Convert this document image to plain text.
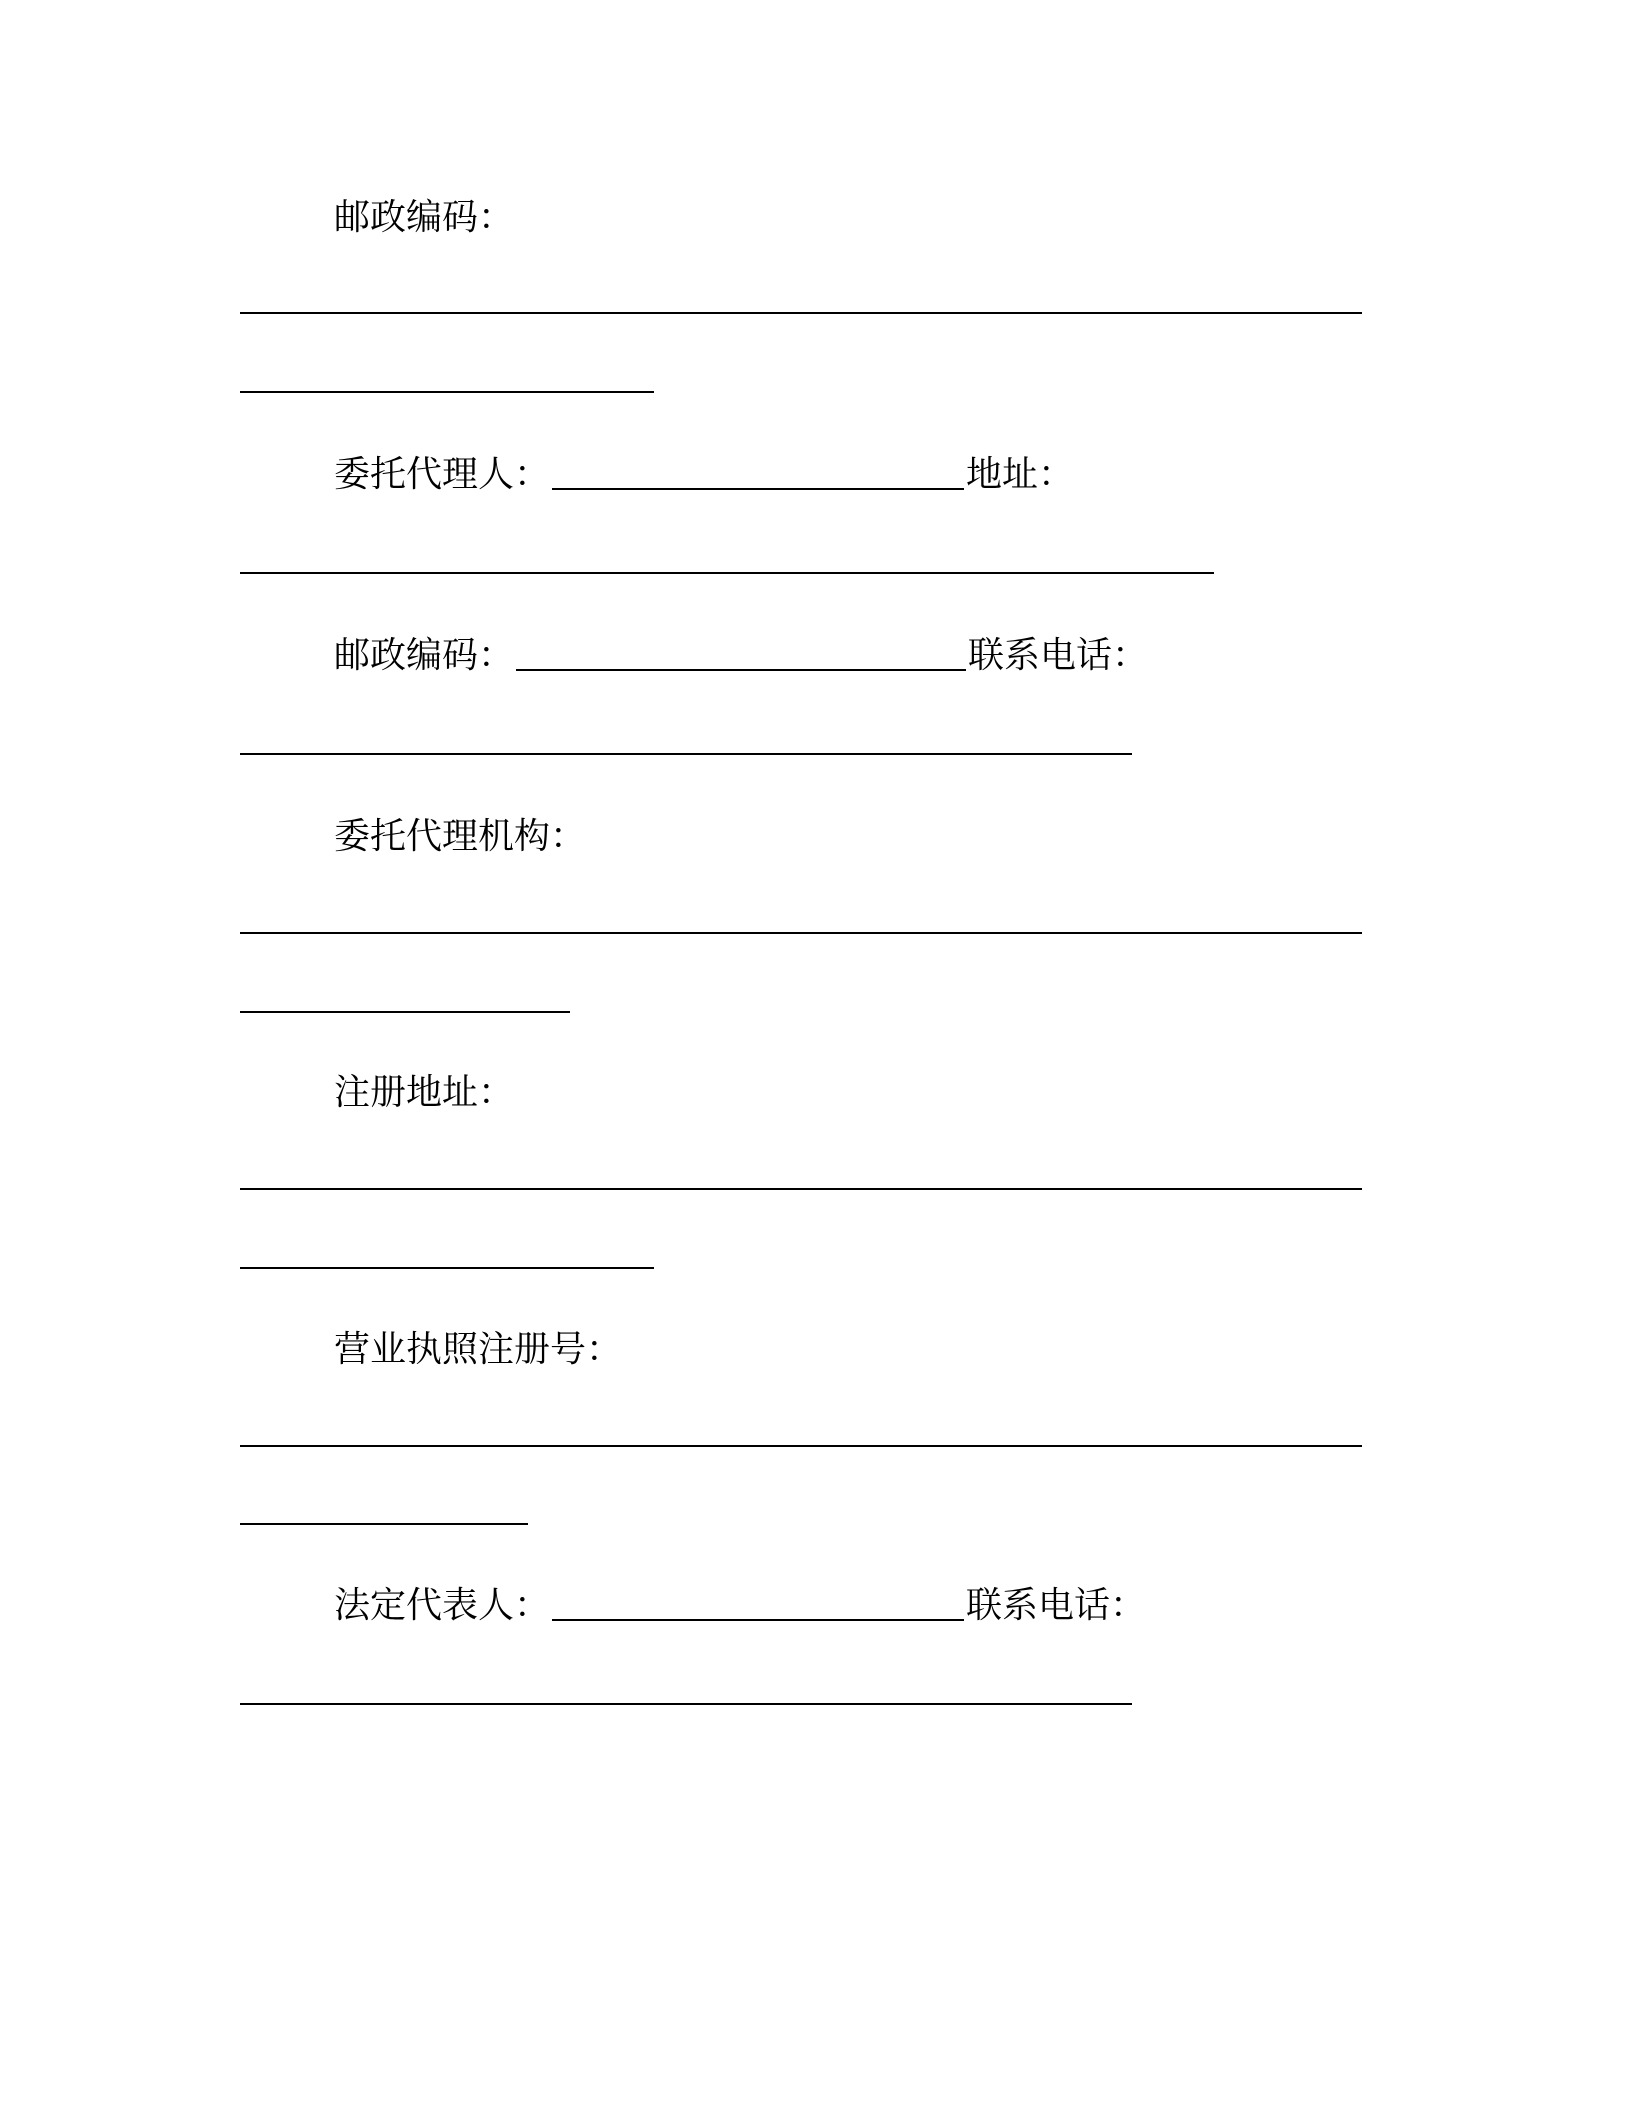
邮政编码：
委托代理人：	地址：
邮政编码：	联系电话：
委托代理机构：
注册地址：
营业执照注册号：
法定代表人：	联系电话：
